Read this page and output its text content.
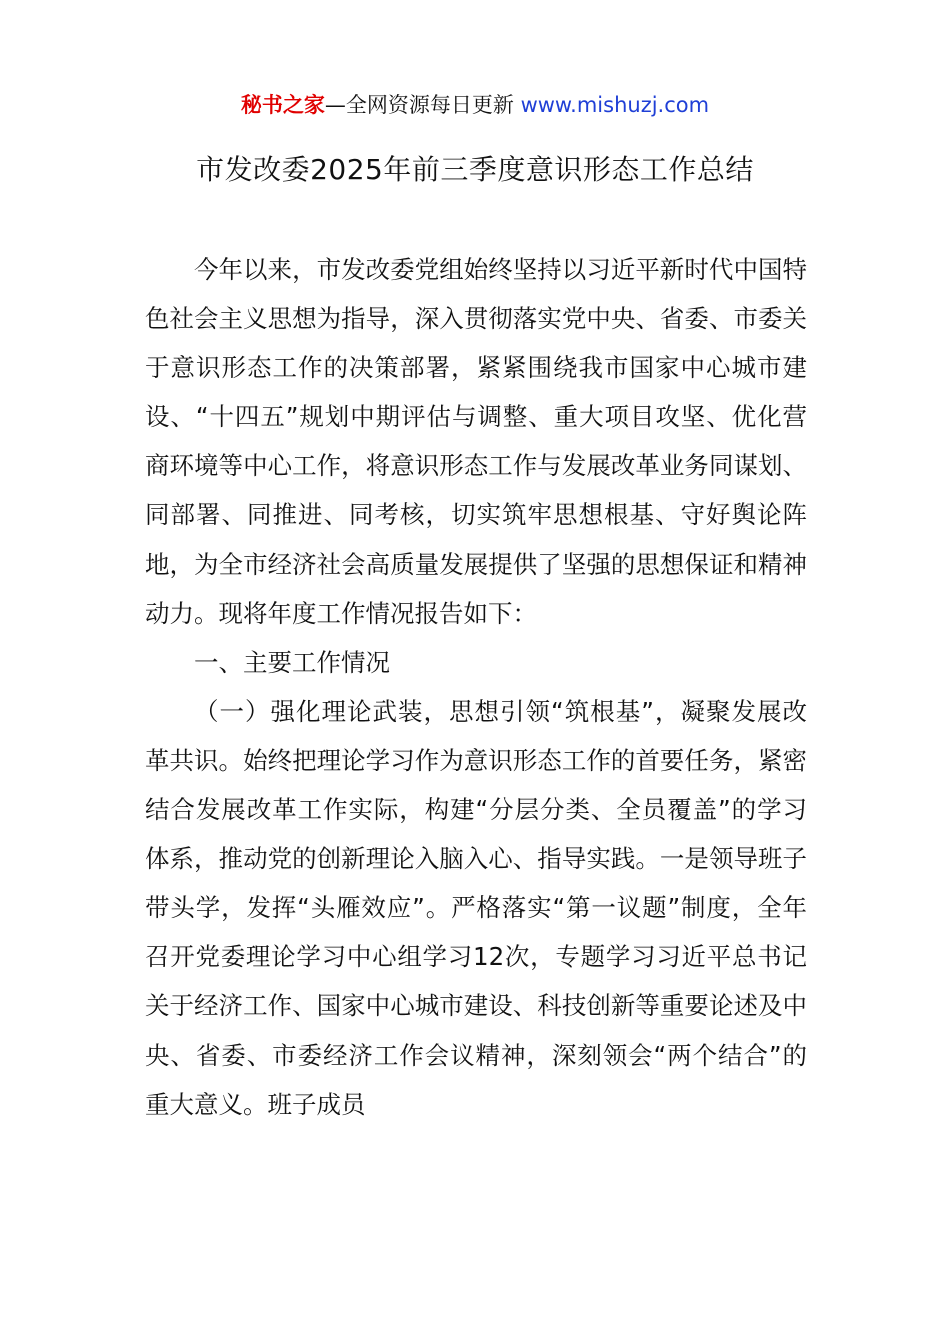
秘书之家—全网资源每日更新 www.mishuzj.com
市发改委2025年前三季度意识形态工作总结

今年以来，市发改委党组始终坚持以习近平新时代中国特色社会主义思想为指导，深入贯彻落实党中央、省委、市委关于意识形态工作的决策部署，紧紧围绕我市国家中心城市建设、“十四五”规划中期评估与调整、重大项目攻坚、优化营商环境等中心工作，将意识形态工作与发展改革业务同谋划、同部署、同推进、同考核，切实筑牢思想根基、守好舆论阵地，为全市经济社会高质量发展提供了坚强的思想保证和精神动力。现将年度工作情况报告如下：

一、主要工作情况

（一）强化理论武装，思想引领“筑根基”，凝聚发展改革共识。始终把理论学习作为意识形态工作的首要任务，紧密结合发展改革工作实际，构建“分层分类、全员覆盖”的学习体系，推动党的创新理论入脑入心、指导实践。一是领导班子带头学，发挥“头雁效应”。严格落实“第一议题”制度，全年召开党委理论学习中心组学习12次，专题学习习近平总书记关于经济工作、国家中心城市建设、科技创新等重要论述及中央、省委、市委经济工作会议精神，深刻领会“两个结合”的重大意义。班子成员
